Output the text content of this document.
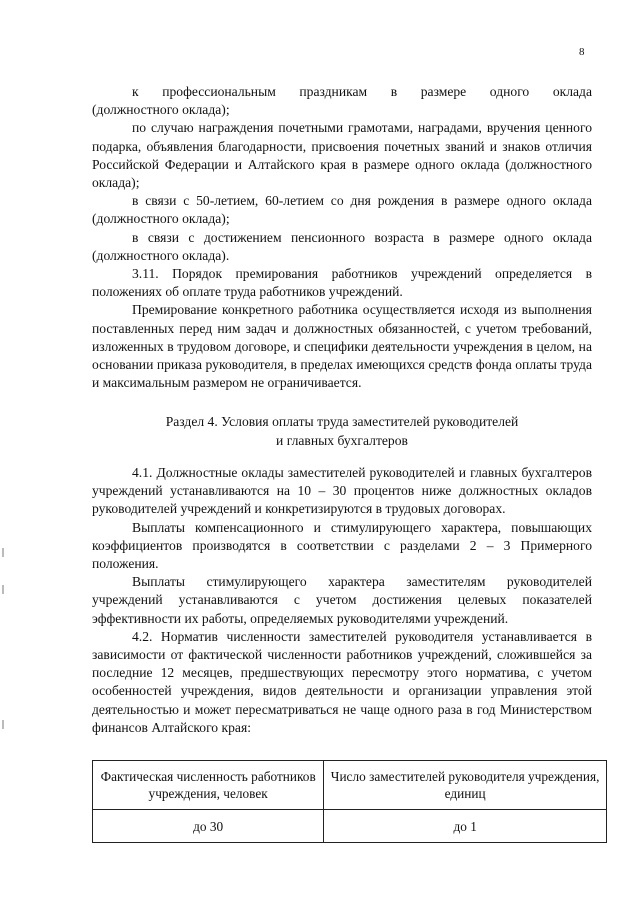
8

к профессиональным праздникам в размере одного оклада

(должностного оклада);

по случаю награждения почетными грамотами, наградами, вручения ценного подарка, объявления благодарности, присвоения почетных званий и знаков отличия Российской Федерации и Алтайского края в размере одного оклада (должностного оклада);

в связи с 50-летием, 60-летием со дня рождения в размере одного оклада (должностного оклада);

в связи с достижением пенсионного возраста в размере одного оклада (должностного оклада).

3.11. Порядок премирования работников учреждений определяется в положениях об оплате труда работников учреждений.

Премирование конкретного работника осуществляется исходя из выполнения поставленных перед ним задач и должностных обязанностей, с учетом требований, изложенных в трудовом договоре, и специфики деятельности учреждения в целом, на основании приказа руководителя, в пределах имеющихся средств фонда оплаты труда и максимальным размером не ограничивается.

Раздел 4. Условия оплаты труда заместителей руководителей
и главных бухгалтеров

4.1. Должностные оклады заместителей руководителей и главных бухгалтеров учреждений устанавливаются на 10 – 30 процентов ниже должностных окладов руководителей учреждений и конкретизируются в трудовых договорах.

Выплаты компенсационного и стимулирующего характера, повышающих коэффициентов производятся в соответствии с разделами 2 – 3 Примерного положения.

Выплаты стимулирующего характера заместителям руководителей учреждений устанавливаются с учетом достижения целевых показателей эффективности их работы, определяемых руководителями учреждений.

4.2. Норматив численности заместителей руководителя устанавливается в зависимости от фактической численности работников учреждений, сложившейся за последние 12 месяцев, предшествующих пересмотру этого норматива, с учетом особенностей учреждения, видов деятельности и организации управления этой деятельностью и может пересматриваться не чаще одного раза в год Министерством финансов Алтайского края:

Фактическая численность работников учреждения, человек	Число заместителей руководителя учреждения, единиц
до 30	до 1
